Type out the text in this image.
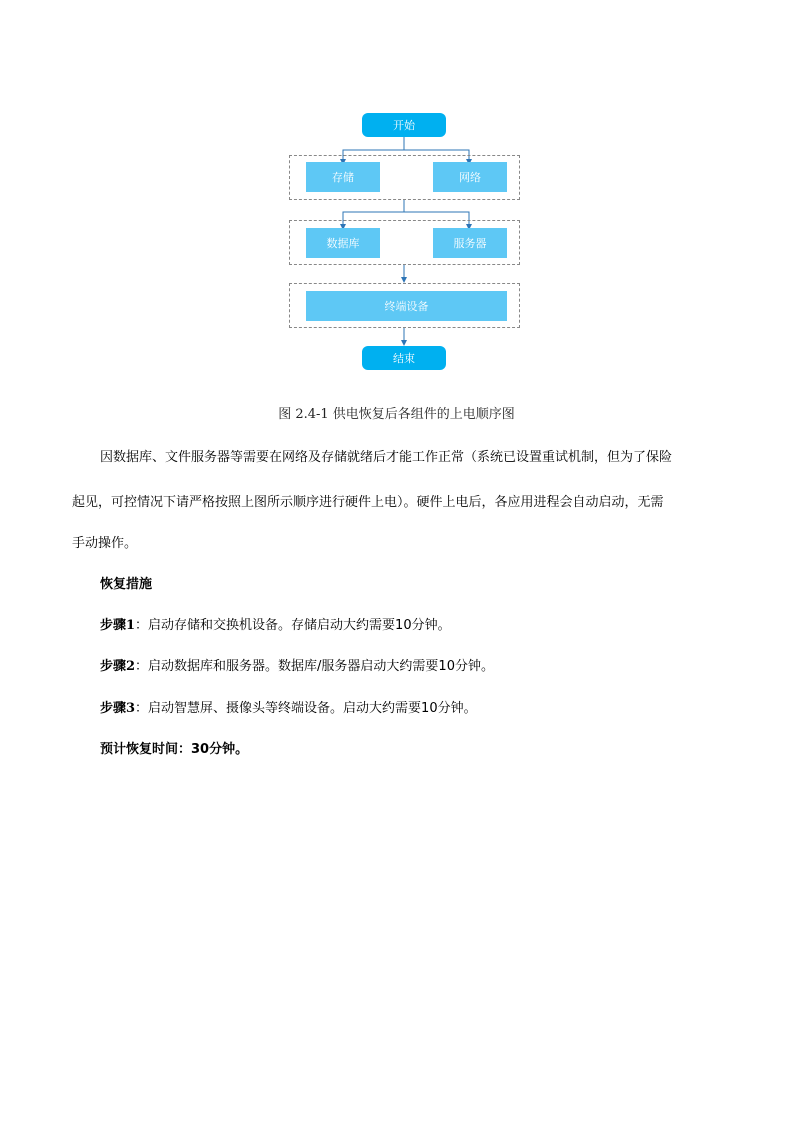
开始
存储	网络
数据库	服务器
终端设备
结束
图 2.4-1 供电恢复后各组件的上电顺序图
因数据库、文件服务器等需要在网络及存储就绪后才能工作正常（系统已设置重试机制，但为了保险
起见，可控情况下请严格按照上图所示顺序进行硬件上电）。硬件上电后，各应用进程会自动启动，无需
手动操作。
恢复措施
步骤1：启动存储和交换机设备。存储启动大约需要10分钟。
步骤2：启动数据库和服务器。数据库/服务器启动大约需要10分钟。
步骤3：启动智慧屏、摄像头等终端设备。启动大约需要10分钟。
预计恢复时间：30分钟。
